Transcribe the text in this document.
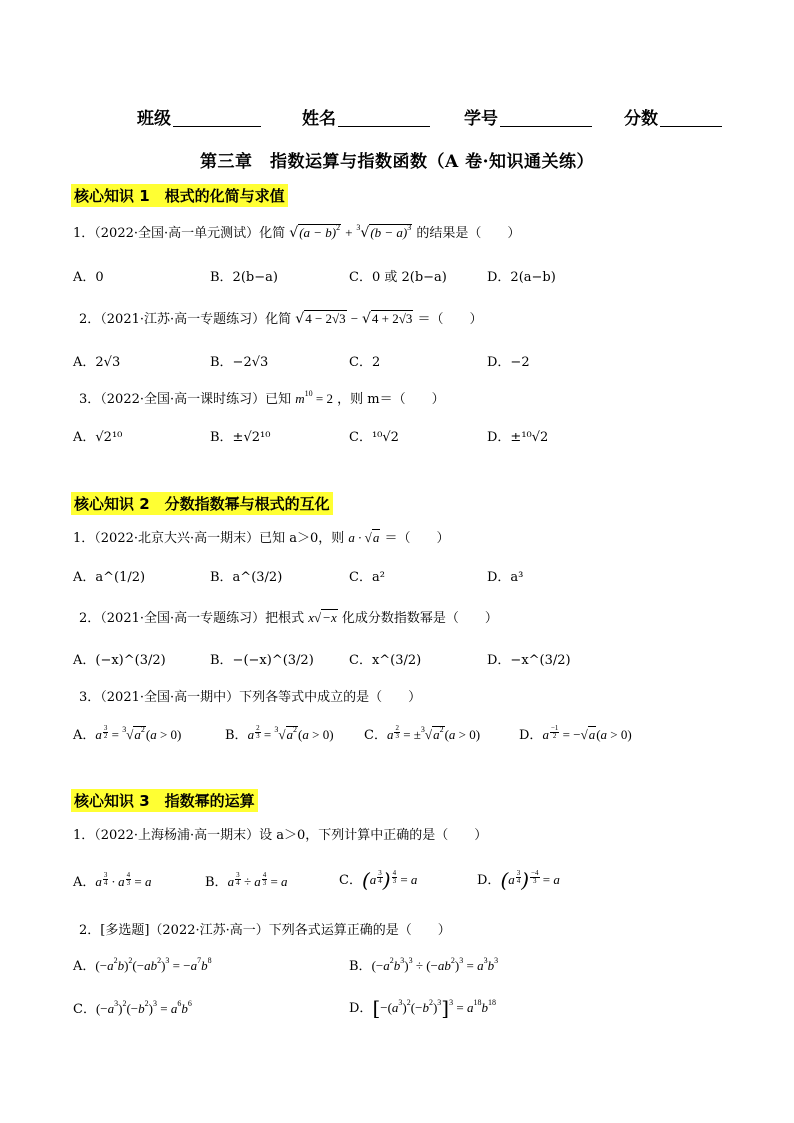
班级	姓名	学号	分数
第三章　指数运算与指数函数（A 卷·知识通关练）
核心知识 1　根式的化简与求值
1．（2022·全国·高一单元测试）化简 $√(a - b)^2 + ^3√(b - a)^3$ 的结果是（　　）
A．0	B．2(b−a)	C．0 或 2(b−a)	D．2(a−b)
2．（2021·江苏·高一专题练习）化简 √4 − 2√3 − √4 + 2√3 ＝（　　）
A．2√3	B．−2√3	C．2	D．−2
3．（2022·全国·高一课时练习）已知 $m^{10} = 2$ ，则 m＝（　　）
A．√2¹⁰	B．±√2¹⁰	C．¹⁰√2	D．±¹⁰√2
核心知识 2　分数指数幂与根式的互化
1．（2022·北京大兴·高一期末）已知 a＞0，则 a · √a ＝（　　）
A．a^(1/2)	B．a^(3/2)	C．a²	D．a³
2．（2021·全国·高一专题练习）把根式 x√−x 化成分数指数幂是（　　）
A．(−x)^(3/2)	B．−(−x)^(3/2)	C．x^(3/2)	D．−x^(3/2)
3．（2021·全国·高一期中）下列各等式中成立的是（　　）
A．a $\frac{3}{2} = ^3√a^2(a > 0)$	B．a $\frac{2}{3} = ^3√a^2(a > 0)$ C．a $\frac{2}{3} = \pm^3√a^2(a > 0)$	D．a $\frac{-1}{2} = -√a(a > 0)$
核心知识 3　指数幂的运算
1．（2022·上海杨浦·高一期末）设 a＞0，下列计算中正确的是（　　）
A．a $\frac{3}{4} \cdot a \frac{4}{3} = a$	B．a $\frac{3}{4} \div a \frac{4}{3} = a$	C．($a \frac{3}{4}$ ) $\frac{4}{3} = a$	D．($a \frac{3}{4}$ ) $\frac{-4}{3} = a$
2．[多选题]（2022·江苏·高一）下列各式运算正确的是（　　）
A．$(-a^2b)^2(-ab^2)^3 = -a^7b^8$	B．$(-a^2b^3)^3 \div (-ab^2)^3 = a^3b^3$
C．$(-a^3)^2(-b^2)^3 = a^6b^6$	D．$[-(a^3)^2(-b^2)^3]^3 = a^{18}b^{18}$
